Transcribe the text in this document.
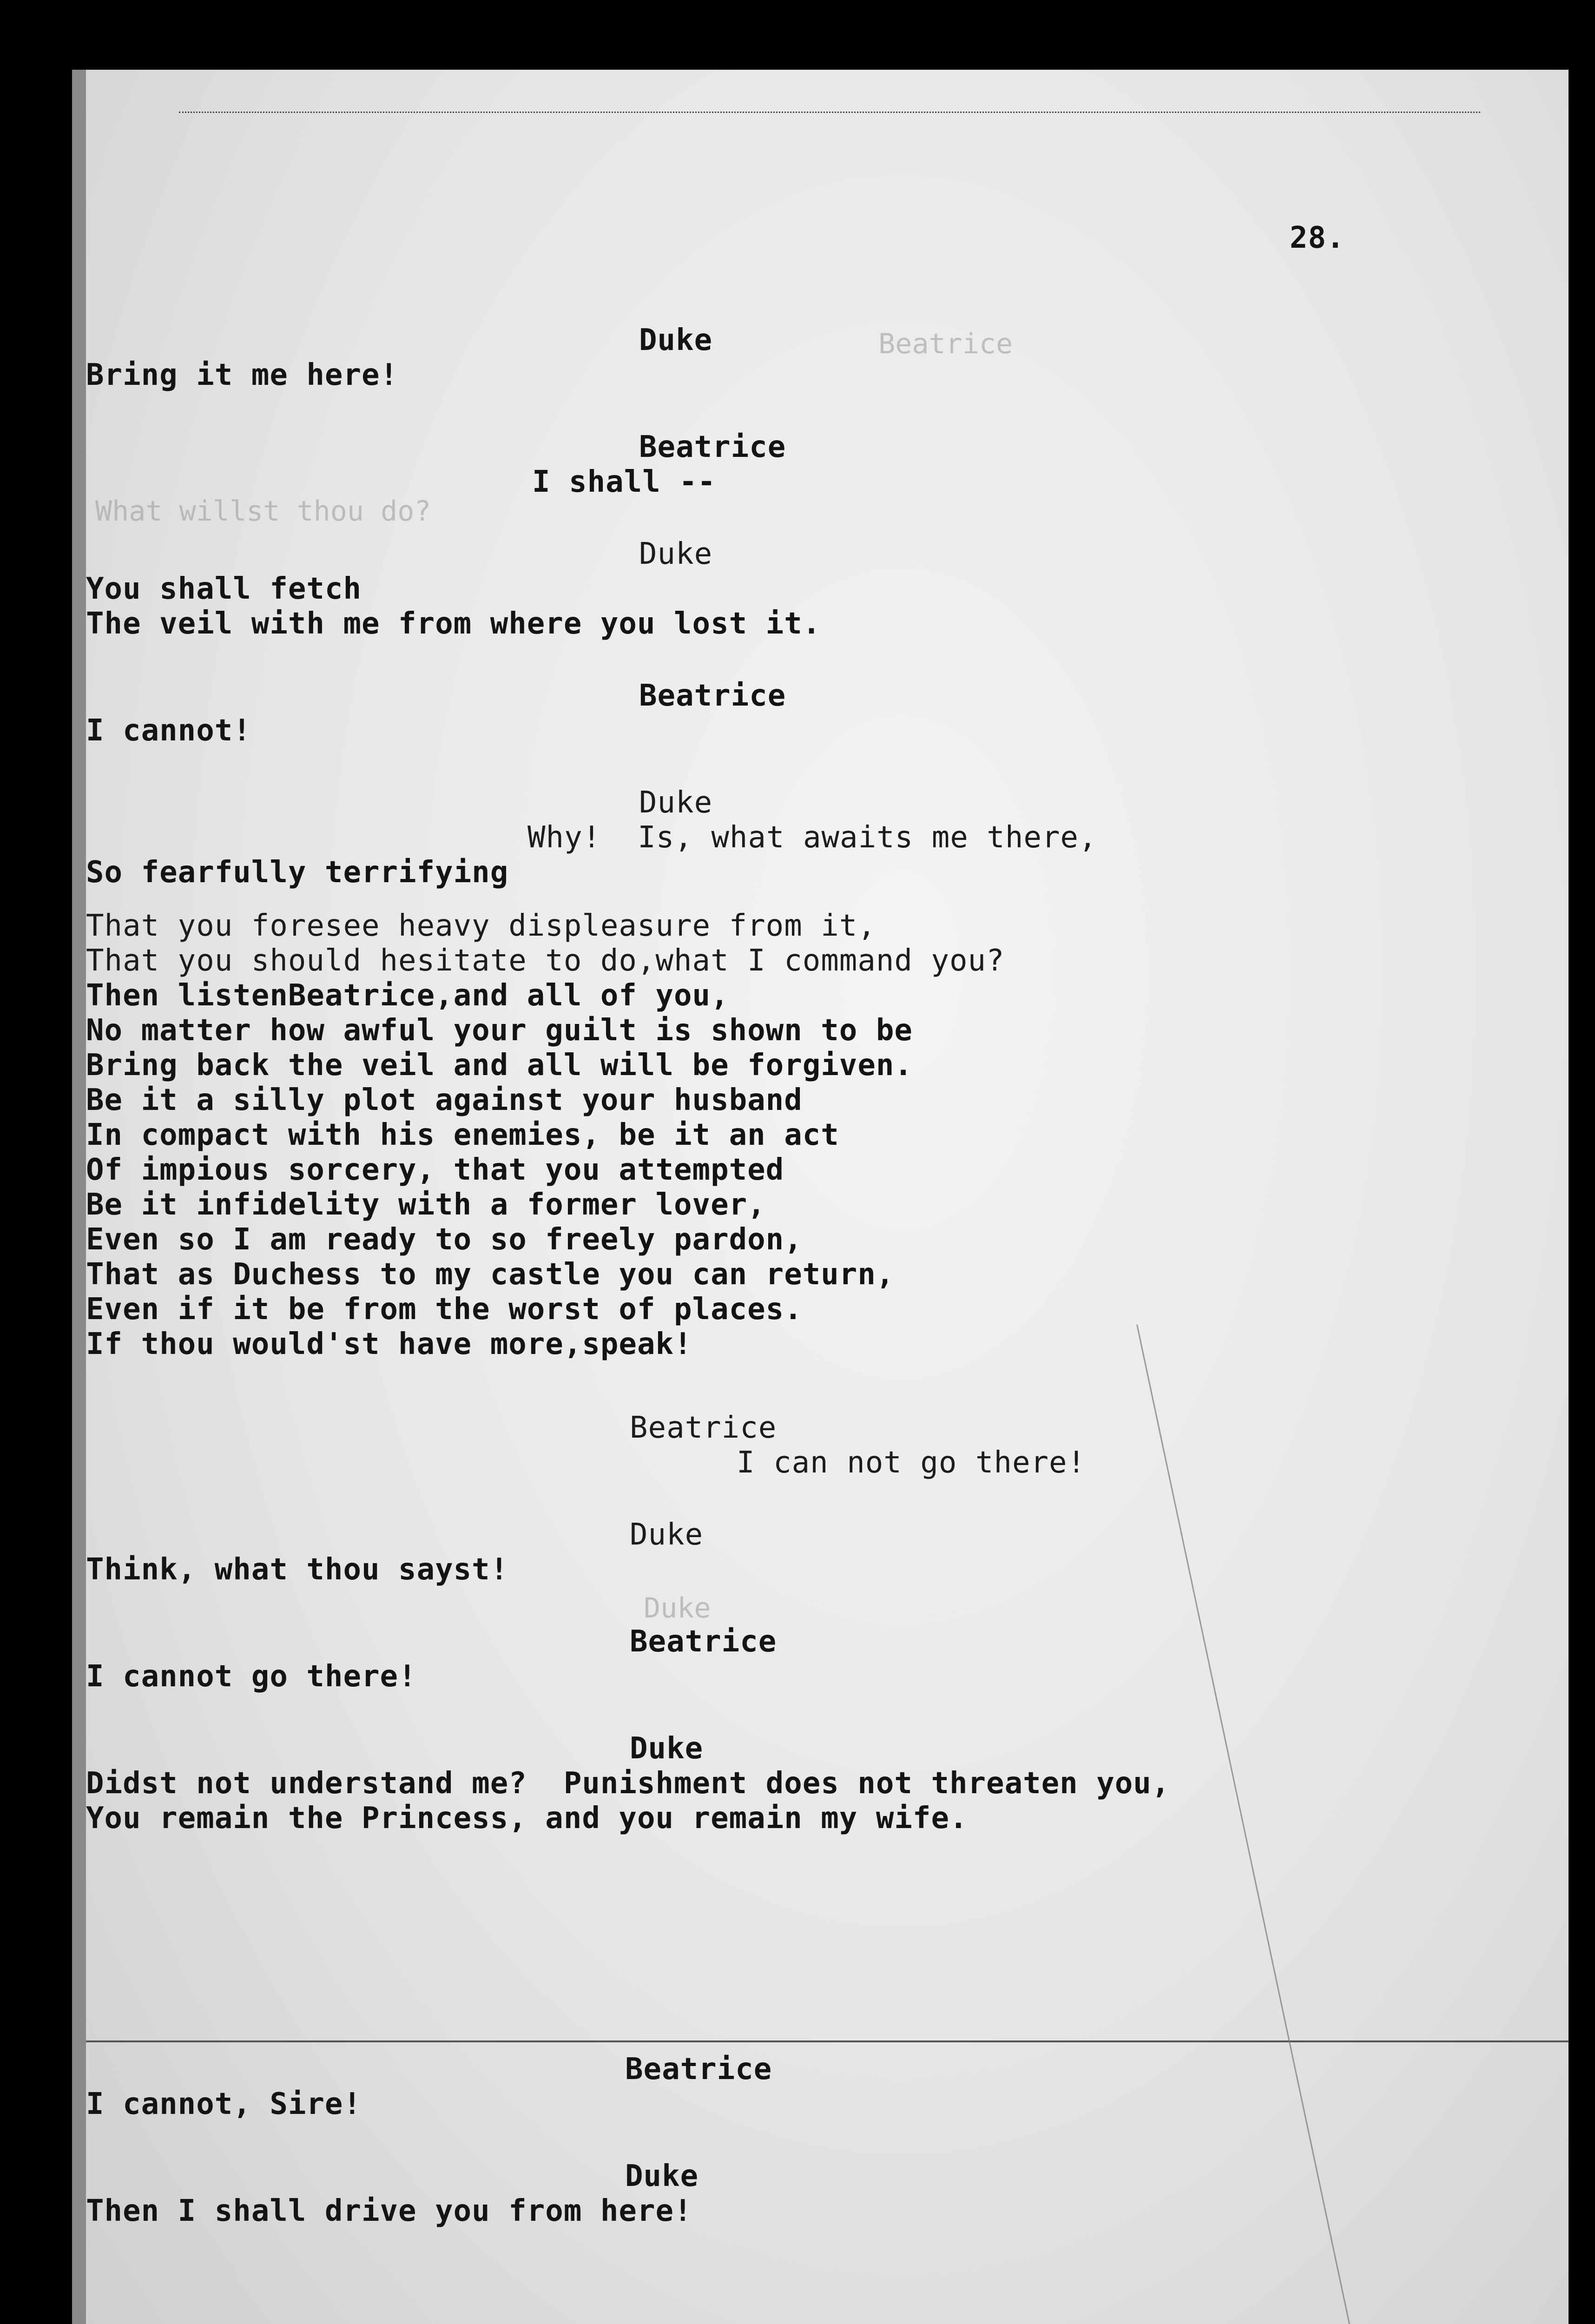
Beatrice
What willst thou do?
Duke
28.
Duke
Bring it me here!
Beatrice
I shall --
Duke
You shall fetch
The veil with me from where you lost it.
Beatrice
I cannot!
Duke
Why!  Is, what awaits me there,
So fearfully terrifying
That you foresee heavy displeasure from it,
That you should hesitate to do,what I command you?
Then listenBeatrice,and all of you,
No matter how awful your guilt is shown to be
Bring back the veil and all will be forgiven.
Be it a silly plot against your husband
In compact with his enemies, be it an act
Of impious sorcery, that you attempted
Be it infidelity with a former lover,
Even so I am ready to so freely pardon,
That as Duchess to my castle you can return,
Even if it be from the worst of places.
If thou would'st have more,speak!
Beatrice
I can not go there!
Duke
Think, what thou sayst!
Beatrice
I cannot go there!
Duke
Didst not understand me?  Punishment does not threaten you,
You remain the Princess, and you remain my wife.
Beatrice
I cannot, Sire!
Duke
Then I shall drive you from here!
